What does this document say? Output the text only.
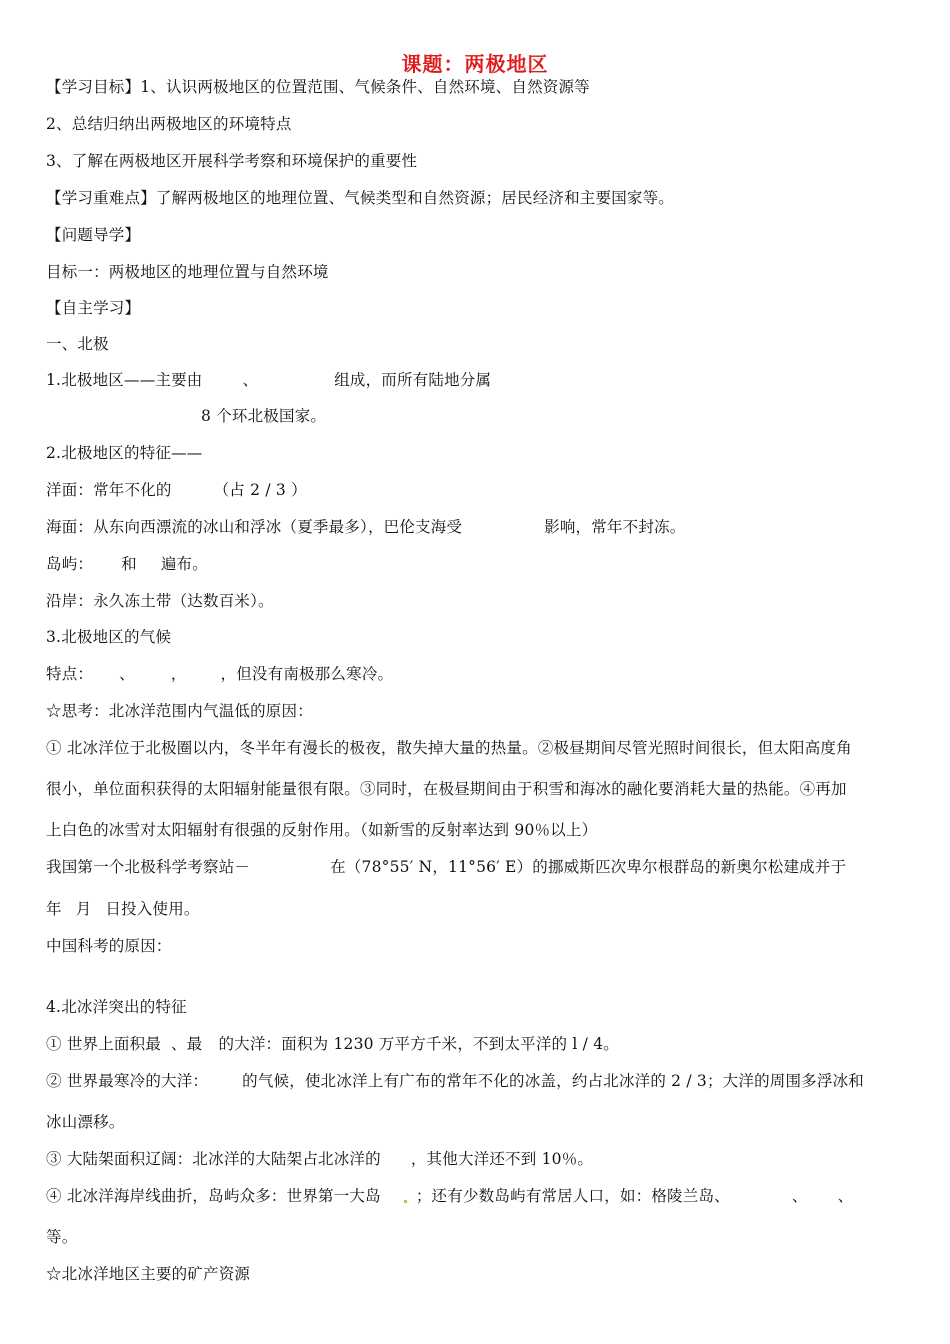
课题：两极地区
【学习目标】1、认识两极地区的位置范围、气候条件、自然环境、自然资源等
2、总结归纳出两极地区的环境特点
3、了解在两极地区开展科学考察和环境保护的重要性
【学习重难点】了解两极地区的地理位置、气候类型和自然资源；居民经济和主要国家等。
【问题导学】
目标一：两极地区的地理位置与自然环境
【自主学习】
一、北极
1.北极地区——主要由	、	组成，而所有陆地分属
8 个环北极国家。
2.北极地区的特征——
洋面：常年不化的	（占 2 / 3 ）
海面：从东向西漂流的冰山和浮冰（夏季最多），巴伦支海受	影响，常年不封冻。
岛屿： 和 遍布。
沿岸：永久冻土带（达数百米）。
3.北极地区的气候
特点： 、 ， ，但没有南极那么寒冷。
☆思考：北冰洋范围内气温低的原因：
① 北冰洋位于北极圈以内，冬半年有漫长的极夜，散失掉大量的热量。②极昼期间尽管光照时间很长，但太阳高度角
很小，单位面积获得的太阳辐射能量很有限。③同时，在极昼期间由于积雪和海冰的融化要消耗大量的热能。④再加
上白色的冰雪对太阳辐射有很强的反射作用。（如新雪的反射率达到 90％以上）
我国第一个北极科学考察站－	在（78°55′ N，11°56′ E）的挪威斯匹次卑尔根群岛的新奥尔松建成并于
年 月 日投入使用。
中国科考的原因：
4.北冰洋突出的特征
① 世界上面积最 、最 的大洋：面积为 1230 万平方千米，不到太平洋的 l / 4。
② 世界最寒冷的大洋： 的气候，使北冰洋上有广布的常年不化的冰盖，约占北冰洋的 2 / 3；大洋的周围多浮冰和
冰山漂移。
③ 大陆架面积辽阔：北冰洋的大陆架占北冰洋的 ，其他大洋还不到 10％。
④ 北冰洋海岸线曲折，岛屿众多：世界第一大岛 ；还有少数岛屿有常居人口，如：格陵兰岛、	、 、
等。
☆北冰洋地区主要的矿产资源
